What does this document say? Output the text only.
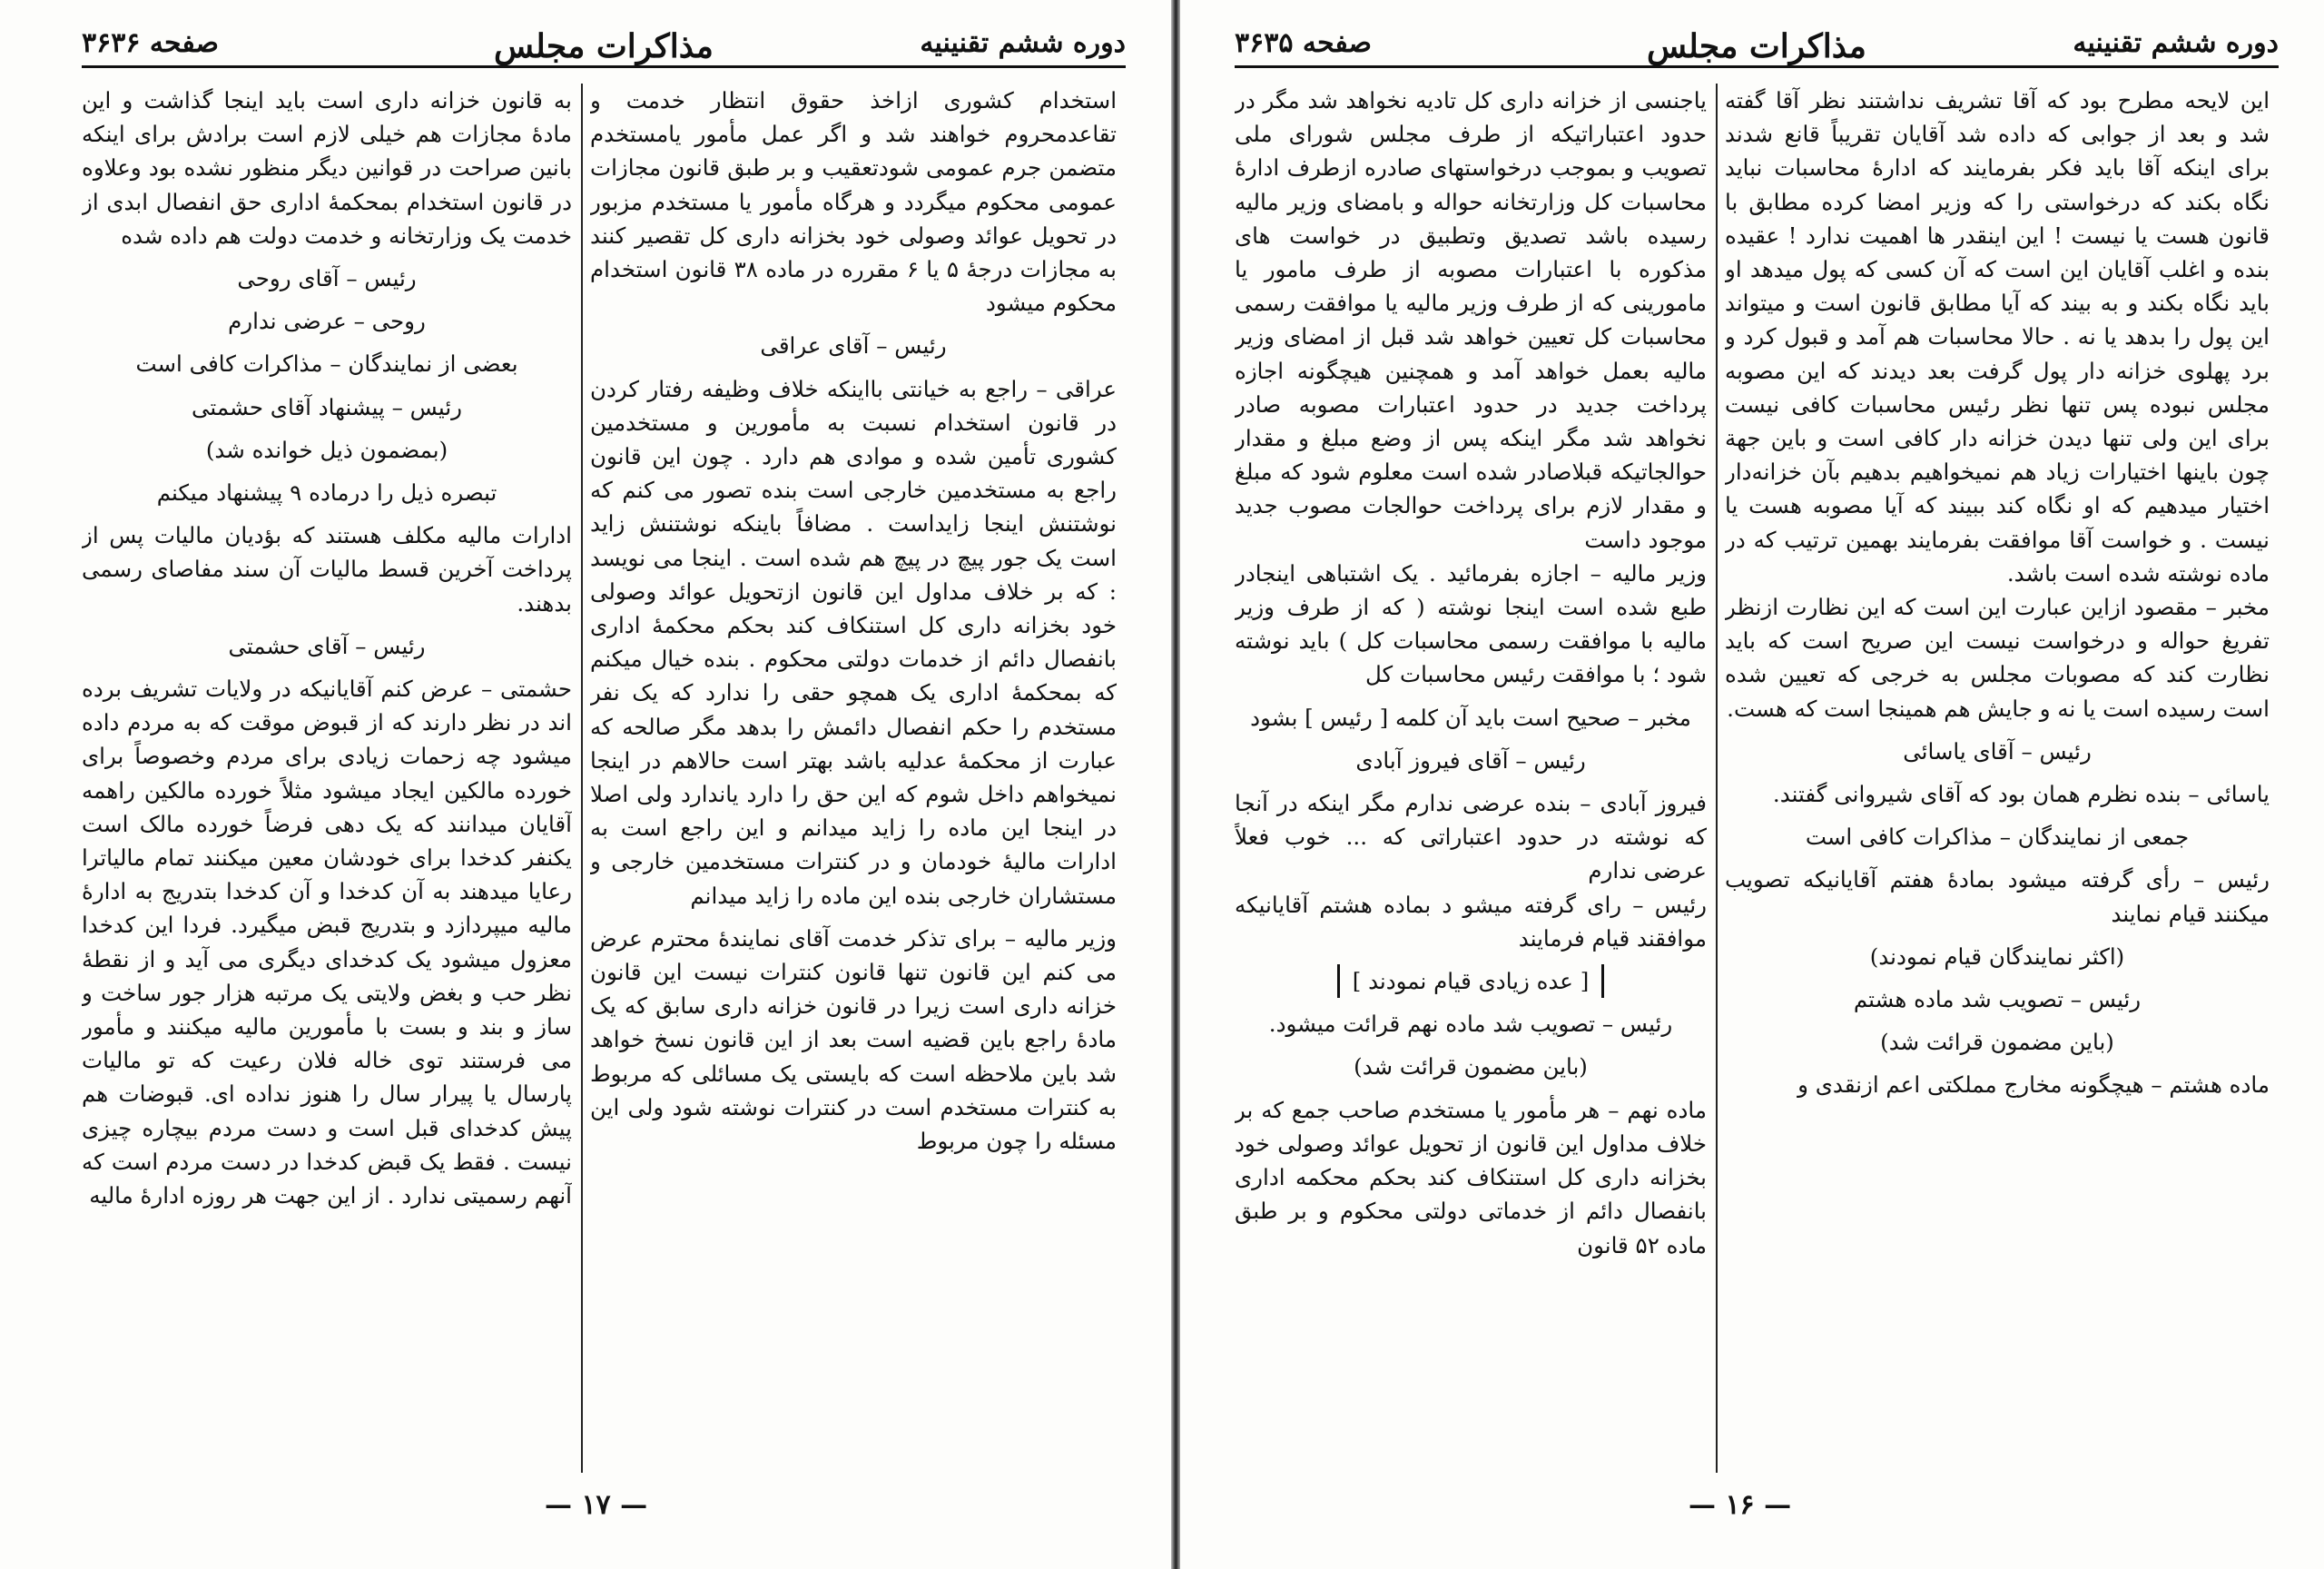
دوره ششم تقنینیه
مذاکرات مجلس
صفحه ۳۶۳۶

استخدام کشوری ازاخذ حقوق انتظار خدمت و تقاعدمحروم خواهند شد و اگر عمل مأمور یامستخدم متضمن جرم عمومی شودتعقیب و بر طبق قانون مجازات عمومی محکوم میگردد و هرگاه مأمور یا مستخدم مزبور در تحویل عوائد وصولی خود بخزانه داری کل تقصیر کنند به مجازات درجهٔ ۵ یا ۶ مقرره در ماده ۳۸ قانون استخدام محکوم میشود

رئیس – آقای عراقی

عراقی – راجع به خیانتی بااینکه خلاف وظیفه رفتار کردن در قانون استخدام نسبت به مأمورین و مستخدمین کشوری تأمین شده و موادی هم دارد . چون این قانون راجع به مستخدمین خارجی است بنده تصور می کنم که نوشتنش اینجا زایداست . مضافاً باینکه نوشتنش زاید است یک جور پیچ در پیچ هم شده است . اینجا می نویسد : که بر خلاف مداول این قانون ازتحویل عوائد وصولی خود بخزانه داری کل استنکاف کند بحکم محکمهٔ اداری بانفصال دائم از خدمات دولتی محکوم . بنده خیال میکنم که بمحکمهٔ اداری یک همچو حقی را ندارد که یک نفر مستخدم را حکم انفصال دائمش را بدهد مگر صالحه که عبارت از محکمهٔ عدلیه باشد بهتر است حالاهم در اینجا نمیخواهم داخل شوم که این حق را دارد یاندارد ولی اصلا در اینجا این ماده را زاید میدانم و این راجع است به ادارات مالیهٔ خودمان و در کنترات مستخدمین خارجی و مستشاران خارجی بنده این ماده را زاید میدانم

وزیر مالیه – برای تذکر خدمت آقای نمایندهٔ محترم عرض می کنم این قانون تنها قانون کنترات نیست این قانون خزانه داری است زیرا در قانون خزانه داری سابق که یک مادهٔ راجع باین قضیه است بعد از این قانون نسخ خواهد شد باین ملاحظه است که بایستی یک مسائلی که مربوط به کنترات مستخدم است در کنترات نوشته شود ولی این مسئله را چون مربوط

به قانون خزانه داری است باید اینجا گذاشت و این مادهٔ مجازات هم خیلی لازم است برادش برای اینکه بانین صراحت در قوانین دیگر منظور نشده بود وعلاوه در قانون استخدام بمحکمهٔ اداری حق انفصال ابدی از خدمت یک وزارتخانه و خدمت دولت هم داده شده

رئیس – آقای روحی

روحی – عرضی ندارم

بعضی از نمایندگان – مذاکرات کافی است

رئیس – پیشنهاد آقای حشمتی

(بمضمون ذیل خوانده شد)

تبصره ذیل را درماده ۹ پیشنهاد میکنم

ادارات مالیه مکلف هستند که بؤدیان مالیات پس از پرداخت آخرین قسط مالیات آن سند مفاصای رسمی بدهند.

رئیس – آقای حشمتی

حشمتی – عرض کنم آقایانیکه در ولایات تشریف برده اند در نظر دارند که از قبوض موقت که به مردم داده میشود چه زحمات زیادی برای مردم وخصوصاً برای خورده مالکین ایجاد میشود مثلاً خورده مالکین راهمه آقایان میدانند که یک دهی فرضاً خورده مالک است یکنفر کدخدا برای خودشان معین میکنند تمام مالیاترا رعایا میدهند به آن کدخدا و آن کدخدا بتدریج به ادارهٔ مالیه میپردازد و بتدریج قبض میگیرد. فردا این کدخدا معزول میشود یک کدخدای دیگری می آید و از نقطهٔ نظر حب و بغض ولایتی یک مرتبه هزار جور ساخت و ساز و بند و بست با مأمورین مالیه میکنند و مأمور می فرستند توی خاله فلان رعیت که تو مالیات پارسال یا پیرار سال را هنوز نداده ای. قبوضات هم پیش کدخدای قبل است و دست مردم بیچاره چیزی نیست . فقط یک قبض کدخدا در دست مردم است که آنهم رسمیتی ندارد . از این جهت هر روزه ادارهٔ مالیه

— ۱۷ —
دوره ششم تقنینیه
مذاکرات مجلس
صفحه ۳۶۳۵

این لایحه مطرح بود که آقا تشریف نداشتند نظر آقا گفته شد و بعد از جوابی که داده شد آقایان تقریباً قانع شدند برای اینکه آقا باید فکر بفرمایند که ادارهٔ محاسبات نباید نگاه بکند که درخواستی را که وزیر امضا کرده مطابق با قانون هست یا نیست ! این اینقدر ها اهمیت ندارد ! عقیده بنده و اغلب آقایان این است که آن کسی که پول میدهد او باید نگاه بکند و به بیند که آیا مطابق قانون است و میتواند این پول را بدهد یا نه . حالا محاسبات هم آمد و قبول کرد و برد پهلوی خزانه دار پول گرفت بعد دیدند که این مصوبه مجلس نبوده پس تنها نظر رئیس محاسبات کافی نیست برای این ولی تنها دیدن خزانه دار کافی است و باین جهة چون باینها اختیارات زیاد هم نمیخواهیم بدهیم بآن خزانه‌دار اختیار میدهیم که او نگاه کند ببیند که آیا مصوبه هست یا نیست . و خواست آقا موافقت بفرمایند بهمین ترتیب که در ماده نوشته شده است باشد.

مخبر – مقصود ازاین عبارت این است که این نظارت ازنظر تفریغ حواله و درخواست نیست این صریح است که باید نظارت کند که مصوبات مجلس به خرجی که تعیین شده است رسیده است یا نه و جایش هم همینجا است که هست.

رئیس – آقای یاسائی

یاسائی – بنده نظرم همان بود که آقای شیروانی گفتند.

جمعی از نمایندگان – مذاکرات کافی است

رئیس – رأی گرفته میشود بمادهٔ هفتم آقایانیکه تصویب میکنند قیام نمایند

(اکثر نمایندگان قیام نمودند)

رئیس – تصویب شد ماده هشتم

(باین مضمون قرائت شد)

ماده هشتم – هیچگونه مخارج مملکتی اعم ازنقدی و

یاجنسی از خزانه داری کل تادیه نخواهد شد مگر در حدود اعتباراتیکه از طرف مجلس شورای ملی تصویب و بموجب درخواستهای صادره ازطرف ادارهٔ محاسبات کل وزارتخانه حواله و بامضای وزیر مالیه رسیده باشد تصدیق وتطبیق در خواست های مذکوره با اعتبارات مصوبه از طرف مامور یا مامورینی که از طرف وزیر مالیه یا موافقت رسمی محاسبات کل تعیین خواهد شد قبل از امضای وزیر مالیه بعمل خواهد آمد و همچنین هیچگونه اجازه پرداخت جدید در حدود اعتبارات مصوبه صادر نخواهد شد مگر اینکه پس از وضع مبلغ و مقدار حوالجاتیکه قبلاصادر شده است معلوم شود که مبلغ و مقدار لازم برای پرداخت حوالجات مصوب جدید موجود داست

وزیر مالیه – اجازه بفرمائید . یک اشتباهی اینجادر طبع شده است اینجا نوشته ( که از طرف وزیر مالیه با موافقت رسمی محاسبات کل ) باید نوشته شود ؛ با موافقت رئیس محاسبات کل

مخبر – صحیح است باید آن کلمه [ رئیس ] بشود

رئیس – آقای فیروز آبادی

فیروز آبادی – بنده عرضی ندارم مگر اینکه در آنجا که نوشته در حدود اعتباراتی که ... خوب فعلاً عرضی ندارم

رئیس – رای گرفته میشو د بماده هشتم آقایانیکه موافقند قیام فرمایند

[ عده زیادی قیام نمودند ]

رئیس – تصویب شد ماده نهم قرائت میشود.

(باین مضمون قرائت شد)

ماده نهم – هر مأمور یا مستخدم صاحب جمع که بر خلاف مداول این قانون از تحویل عوائد وصولی خود بخزانه داری کل استنکاف کند بحکم محکمه اداری بانفصال دائم از خدماتی دولتی محکوم و بر طبق ماده ۵۲ قانون

— ۱۶ —
